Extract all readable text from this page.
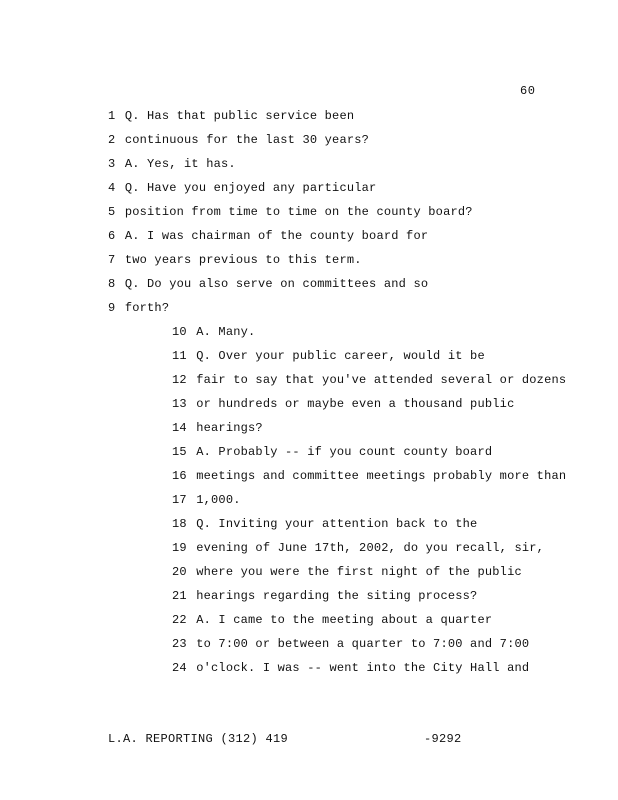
60
1 Q. Has that public service been
2 continuous for the last 30 years?
3 A. Yes, it has.
4 Q. Have you enjoyed any particular
5 position from time to time on the county board?
6 A. I was chairman of the county board for
7 two years previous to this term.
8 Q. Do you also serve on committees and so
9 forth?
10 A. Many.
11 Q. Over your public career, would it be
12 fair to say that you've attended several or dozens
13 or hundreds or maybe even a thousand public
14 hearings?
15 A. Probably -- if you count county board
16 meetings and committee meetings probably more than
17 1,000.
18 Q. Inviting your attention back to the
19 evening of June 17th, 2002, do you recall, sir,
20 where you were the first night of the public
21 hearings regarding the siting process?
22 A. I came to the meeting about a quarter
23 to 7:00 or between a quarter to 7:00 and 7:00
24 o'clock. I was -- went into the City Hall and
L.A. REPORTING (312) 419	-9292
